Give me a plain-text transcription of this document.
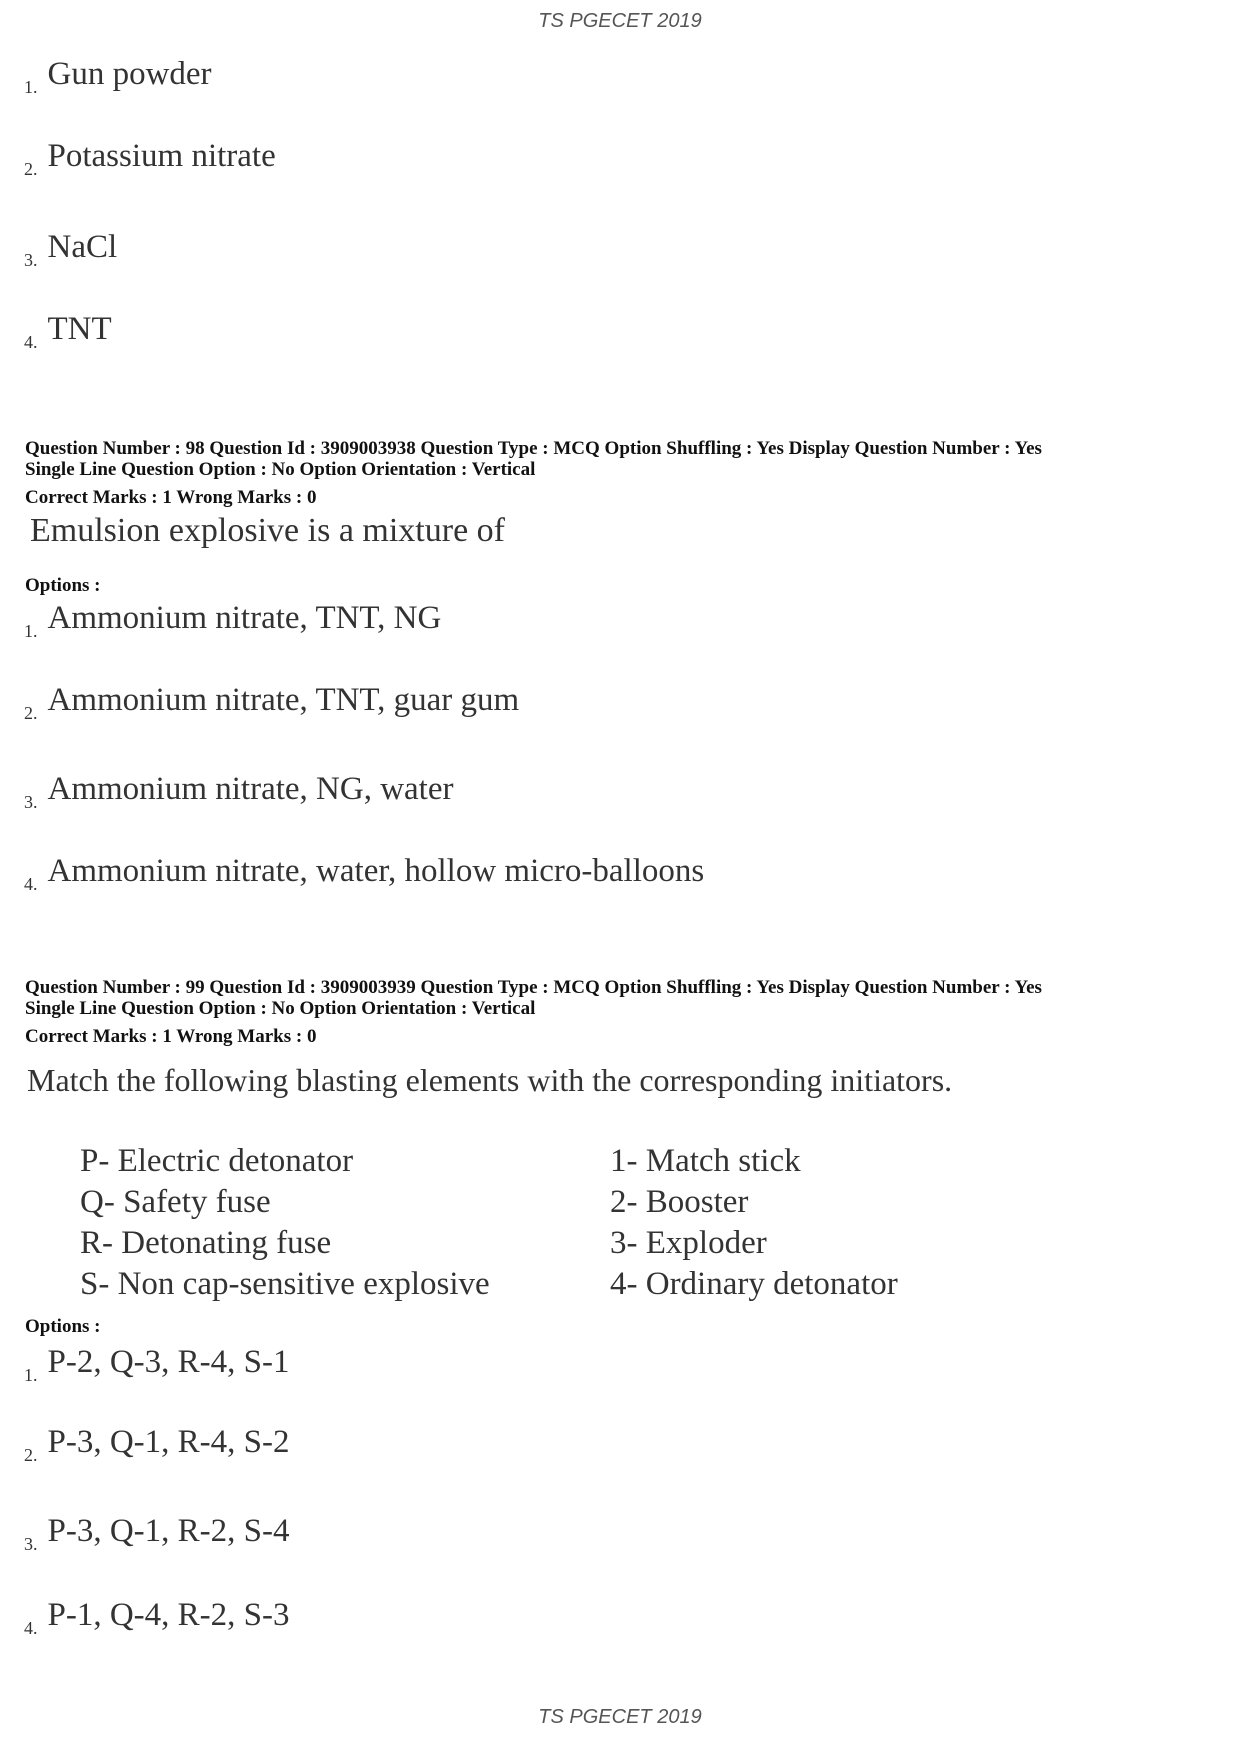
TS PGECET 2019
1. Gun powder
2. Potassium nitrate
3. NaCl
4. TNT
Question Number : 98 Question Id : 3909003938 Question Type : MCQ Option Shuffling : Yes Display Question Number : Yes
Single Line Question Option : No Option Orientation : Vertical
Correct Marks : 1 Wrong Marks : 0
Emulsion explosive is a mixture of
Options :
1. Ammonium nitrate, TNT, NG
2. Ammonium nitrate, TNT, guar gum
3. Ammonium nitrate, NG, water
4. Ammonium nitrate, water, hollow micro-balloons
Question Number : 99 Question Id : 3909003939 Question Type : MCQ Option Shuffling : Yes Display Question Number : Yes
Single Line Question Option : No Option Orientation : Vertical
Correct Marks : 1 Wrong Marks : 0
Match the following blasting elements with the corresponding initiators.
P- Electric detonator	1- Match stick
Q- Safety fuse	2- Booster
R- Detonating fuse	3- Exploder
S- Non cap-sensitive explosive	4- Ordinary detonator
Options :
1. P-2, Q-3, R-4, S-1
2. P-3, Q-1, R-4, S-2
3. P-3, Q-1, R-2, S-4
4. P-1, Q-4, R-2, S-3
TS PGECET 2019
